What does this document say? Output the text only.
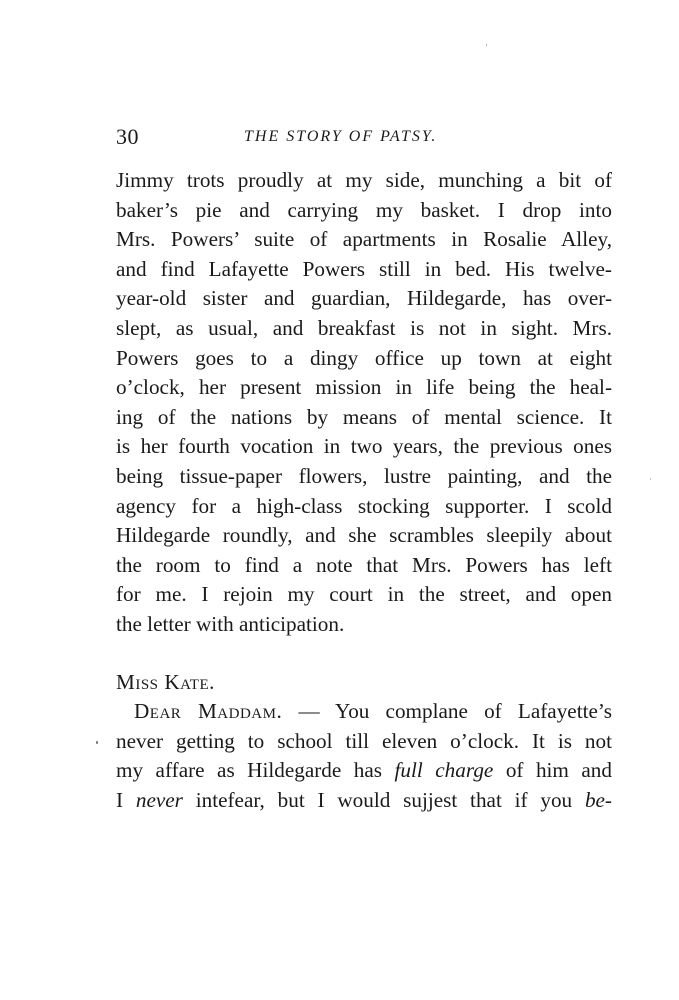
30	THE STORY OF PATSY.
Jimmy trots proudly at my side, munching a bit of
baker’s pie and carrying my basket. I drop into
Mrs. Powers’ suite of apartments in Rosalie Alley,
and find Lafayette Powers still in bed. His twelve-
year-old sister and guardian, Hildegarde, has over-
slept, as usual, and breakfast is not in sight. Mrs.
Powers goes to a dingy office up town at eight
o’clock, her present mission in life being the heal-
ing of the nations by means of mental science. It
is her fourth vocation in two years, the previous ones
being tissue-paper flowers, lustre painting, and the
agency for a high-class stocking supporter. I scold
Hildegarde roundly, and she scrambles sleepily about
the room to find a note that Mrs. Powers has left
for me. I rejoin my court in the street, and open
the letter with anticipation.
Miss Kate.
Dear Maddam. — You complane of Lafayette’s
never getting to school till eleven o’clock. It is not
my affare as Hildegarde has full charge of him and
I never intefear, but I would sujjest that if you be-
